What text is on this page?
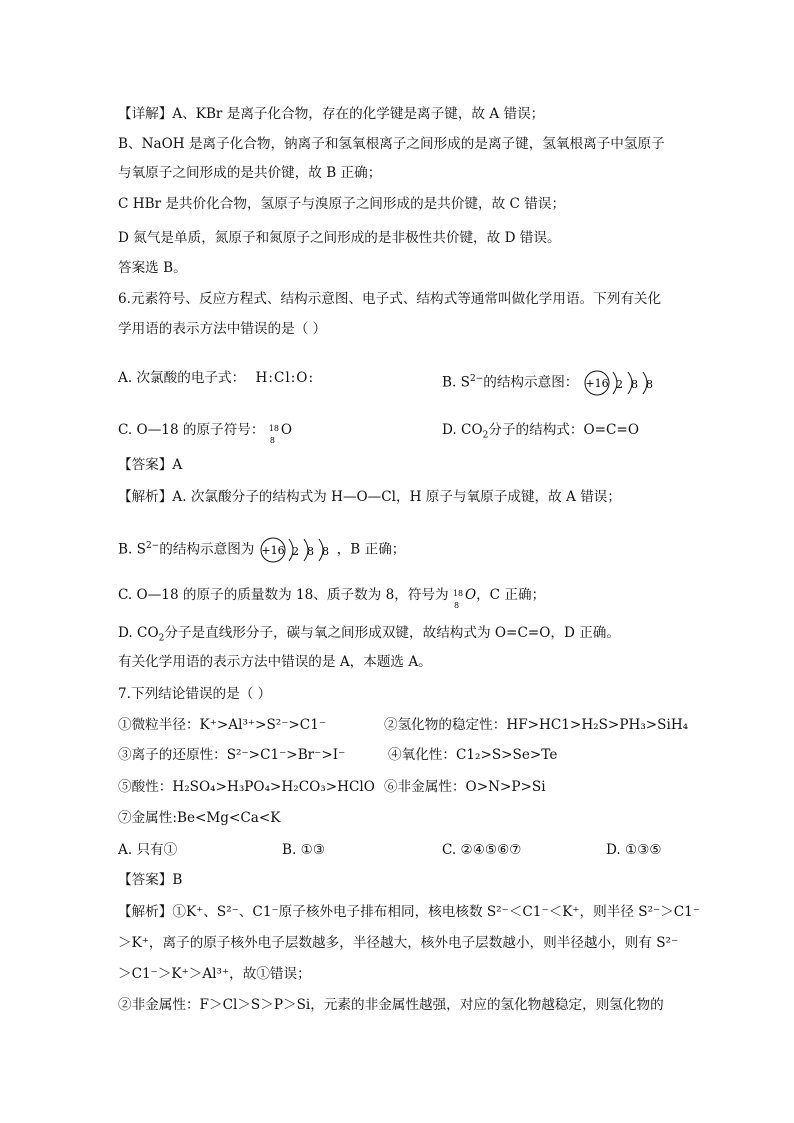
【详解】A、KBr 是离子化合物，存在的化学键是离子键，故 A 错误；
B、NaOH 是离子化合物，钠离子和氢氧根离子之间形成的是离子键，氢氧根离子中氢原子
与氧原子之间形成的是共价键，故 B 正确；
C HBr 是共价化合物，氢原子与溴原子之间形成的是共价键，故 C 错误；
D 氮气是单质，氮原子和氮原子之间形成的是非极性共价键，故 D 错误。
答案选 B。
6.元素符号、反应方程式、结构示意图、电子式、结构式等通常叫做化学用语。下列有关化
学用语的表示方法中错误的是（ ）
A. 次氯酸的电子式： H:Cl:O:	B. $S^{2-}$的结构示意图： +16 2 8 8
C. O—18 的原子符号： 18
8
O	D. $CO_2$分子的结构式：O=C=O
【答案】A
【解析】A. 次氯酸分子的结构式为 H—O—Cl，H 原子与氧原子成键，故 A 错误；
B. $S^{2-}$的结构示意图为 +16 2 8 8 ，B 正确；
C. O—18 的原子的质量数为 18、质子数为 8，符号为 18
8
O，C 正确；
D. $CO_2$分子是直线形分子，碳与氧之间形成双键，故结构式为 O=C=O，D 正确。
有关化学用语的表示方法中错误的是 A，本题选 A。
7.下列结论错误的是（ ）
①微粒半径：K⁺>Al³⁺>S²⁻>C1⁻	②氢化物的稳定性：HF>HC1>H₂S>PH₃>SiH₄
③离子的还原性：S²⁻>C1⁻>Br⁻>I⁻	④氧化性：C1₂>S>Se>Te
⑤酸性：H₂SO₄>H₃PO₄>H₂CO₃>HClO ⑥非金属性：O>N>P>Si
⑦金属性:Be<Mg<Ca<K
A. 只有①	B. ①③	C. ②④⑤⑥⑦	D. ①③⑤
【答案】B
【解析】①K⁺、S²⁻、C1⁻原子核外电子排布相同，核电核数 S²⁻＜C1⁻＜K⁺，则半径 S²⁻＞C1⁻
＞K⁺，离子的原子核外电子层数越多，半径越大，核外电子层数越小，则半径越小，则有 S²⁻
＞C1⁻＞K⁺＞Al³⁺，故①错误；
②非金属性：F＞Cl＞S＞P＞Si，元素的非金属性越强，对应的氢化物越稳定，则氢化物的
